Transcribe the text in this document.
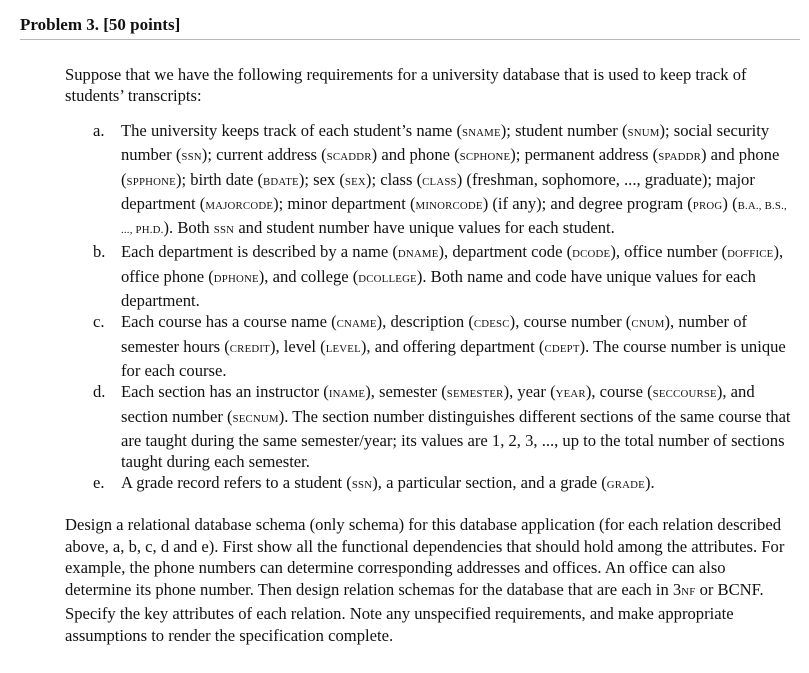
Problem 3. [50 points]

Suppose that we have the following requirements for a university database that is used to keep track of students’ transcripts:

a. The university keeps track of each student’s name (SNAME); student number (SNUM); social security number (SSN); current address (SCADDR) and phone (SCPHONE); permanent address (SPADDR) and phone (SPPHONE); birth date (BDATE); sex (SEX); class (CLASS) (freshman, sophomore, ..., graduate); major department (MAJORCODE); minor department (MINORCODE) (if any); and degree program (PROG) (B.A., B.S., ..., PH.D.). Both SSN and student number have unique values for each student.
b. Each department is described by a name (DNAME), department code (DCODE), office number (DOFFICE), office phone (DPHONE), and college (DCOLLEGE). Both name and code have unique values for each department.
c. Each course has a course name (CNAME), description (CDESC), course number (CNUM), number of semester hours (CREDIT), level (LEVEL), and offering department (CDEPT). The course number is unique for each course.
d. Each section has an instructor (INAME), semester (SEMESTER), year (YEAR), course (SECCOURSE), and section number (SECNUM). The section number distinguishes different sections of the same course that are taught during the same semester/year; its values are 1, 2, 3, ..., up to the total number of sections taught during each semester.
e. A grade record refers to a student (SSN), a particular section, and a grade (GRADE).

Design a relational database schema (only schema) for this database application (for each relation described above, a, b, c, d and e). First show all the functional dependencies that should hold among the attributes. For example, the phone numbers can determine corresponding addresses and offices. An office can also determine its phone number. Then design relation schemas for the database that are each in 3NF or BCNF. Specify the key attributes of each relation. Note any unspecified requirements, and make appropriate assumptions to render the specification complete.
